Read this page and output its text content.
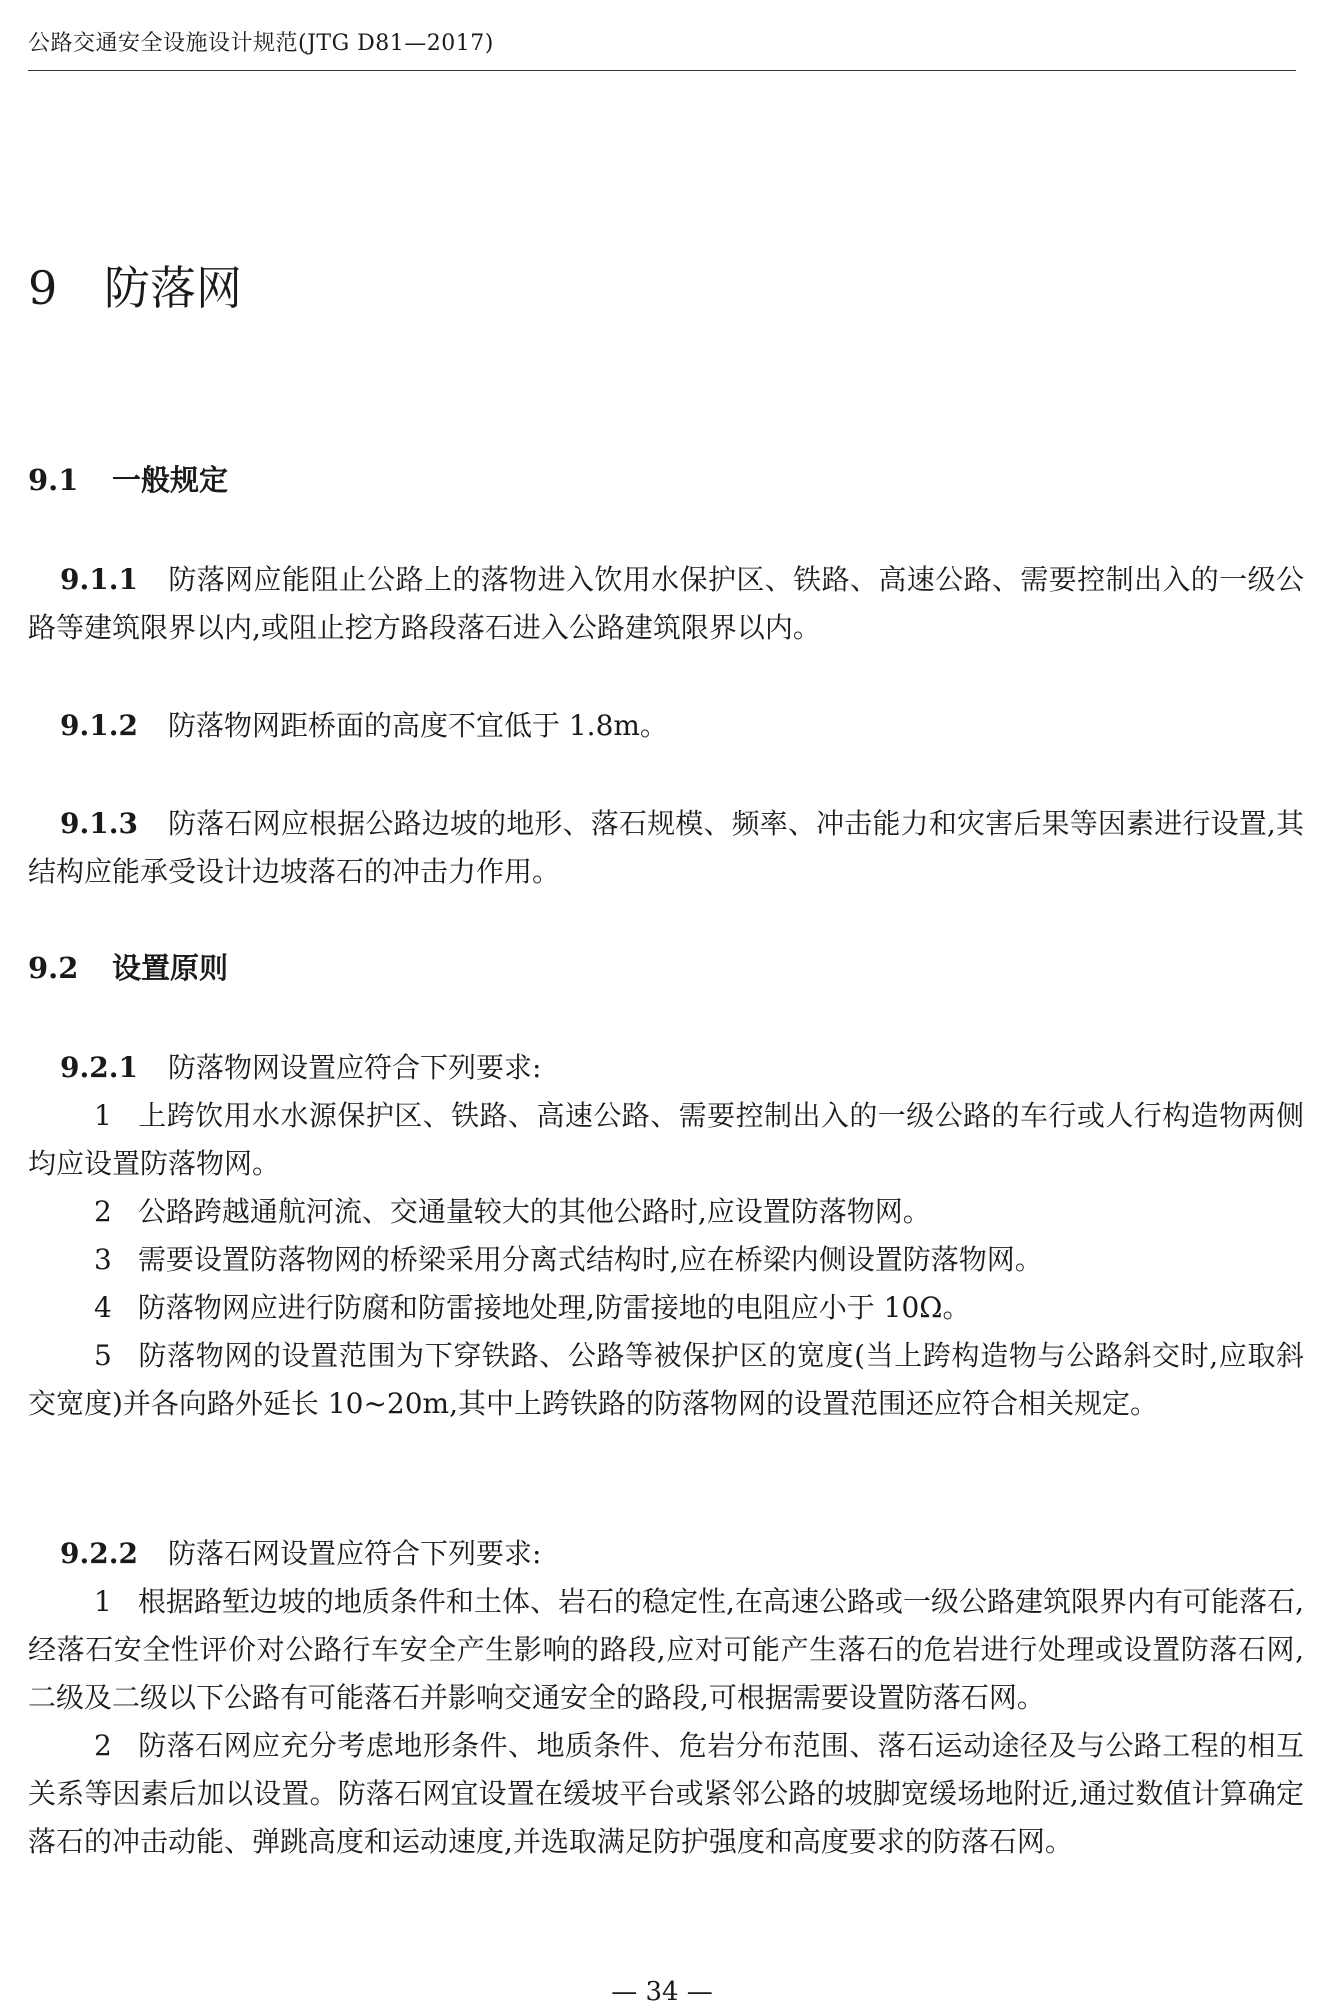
公路交通安全设施设计规范(JTG D81—2017)
9 防落网
9.1 一般规定

9.1.1 防落网应能阻止公路上的落物进入饮用水保护区、铁路、高速公路、需要控制出入的一级公路等建筑限界以内,或阻止挖方路段落石进入公路建筑限界以内。

9.1.2 防落物网距桥面的高度不宜低于 1.8m。

9.1.3 防落石网应根据公路边坡的地形、落石规模、频率、冲击能力和灾害后果等因素进行设置,其结构应能承受设计边坡落石的冲击力作用。

9.2 设置原则

9.2.1 防落物网设置应符合下列要求:

1 上跨饮用水水源保护区、铁路、高速公路、需要控制出入的一级公路的车行或人行构造物两侧均应设置防落物网。

2 公路跨越通航河流、交通量较大的其他公路时,应设置防落物网。

3 需要设置防落物网的桥梁采用分离式结构时,应在桥梁内侧设置防落物网。

4 防落物网应进行防腐和防雷接地处理,防雷接地的电阻应小于 10Ω。

5 防落物网的设置范围为下穿铁路、公路等被保护区的宽度(当上跨构造物与公路斜交时,应取斜交宽度)并各向路外延长 10~20m,其中上跨铁路的防落物网的设置范围还应符合相关规定。

9.2.2 防落石网设置应符合下列要求:

1 根据路堑边坡的地质条件和土体、岩石的稳定性,在高速公路或一级公路建筑限界内有可能落石,经落石安全性评价对公路行车安全产生影响的路段,应对可能产生落石的危岩进行处理或设置防落石网,二级及二级以下公路有可能落石并影响交通安全的路段,可根据需要设置防落石网。

2 防落石网应充分考虑地形条件、地质条件、危岩分布范围、落石运动途径及与公路工程的相互关系等因素后加以设置。防落石网宜设置在缓坡平台或紧邻公路的坡脚宽缓场地附近,通过数值计算确定落石的冲击动能、弹跳高度和运动速度,并选取满足防护强度和高度要求的防落石网。

— 34 —
